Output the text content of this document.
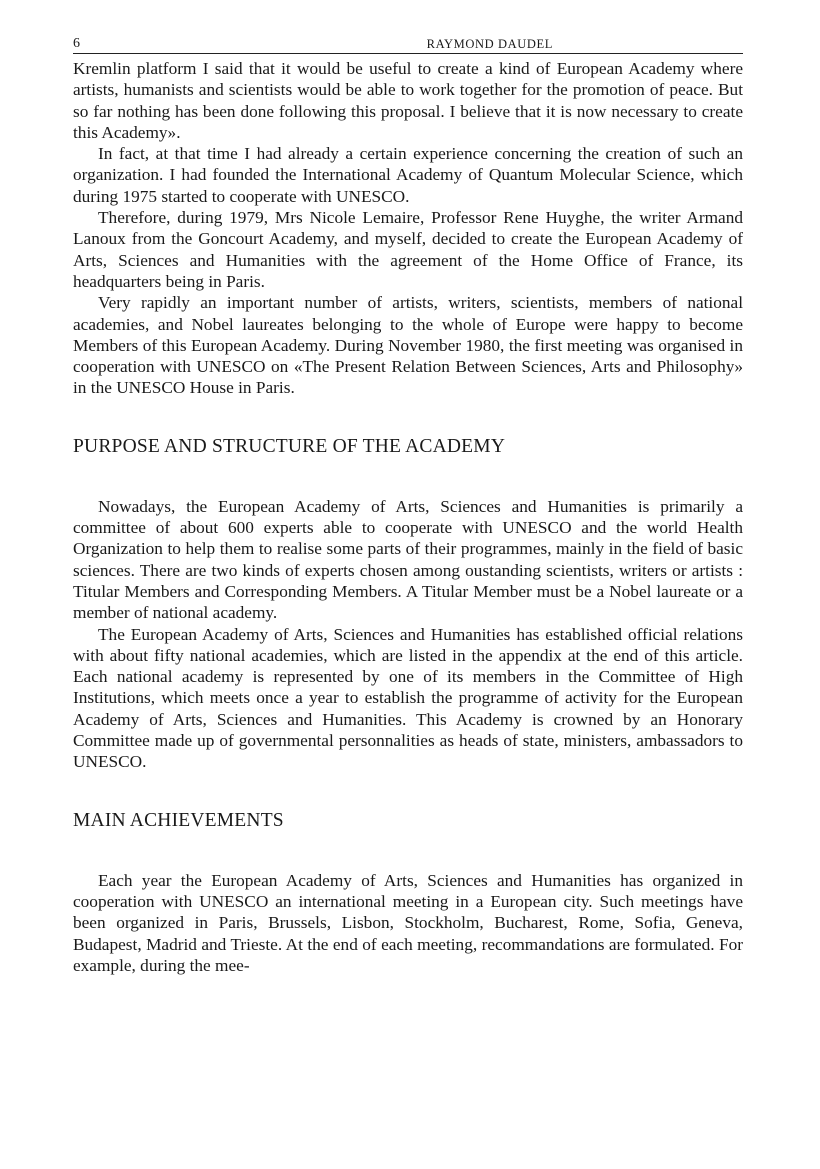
6	RAYMOND DAUDEL

Kremlin platform I said that it would be useful to create a kind of European Academy where artists, humanists and scientists would be able to work together for the promotion of peace. But so far nothing has been done following this proposal. I believe that it is now necessary to create this Academy».

In fact, at that time I had already a certain experience concerning the creation of such an organization. I had founded the International Academy of Quantum Molecular Science, which during 1975 started to cooperate with UNESCO.

Therefore, during 1979, Mrs Nicole Lemaire, Professor Rene Huyghe, the writer Armand Lanoux from the Goncourt Academy, and myself, decided to create the European Academy of Arts, Sciences and Humanities with the agreement of the Home Office of France, its headquarters being in Paris.

Very rapidly an important number of artists, writers, scientists, members of national academies, and Nobel laureates belonging to the whole of Europe were happy to become Members of this European Academy. During November 1980, the first meeting was organised in cooperation with UNESCO on «The Present Relation Between Sciences, Arts and Philosophy» in the UNESCO House in Paris.

PURPOSE AND STRUCTURE OF THE ACADEMY

Nowadays, the European Academy of Arts, Sciences and Humanities is primarily a committee of about 600 experts able to cooperate with UNESCO and the world Health Organization to help them to realise some parts of their programmes, mainly in the field of basic sciences. There are two kinds of experts chosen among oustanding scientists, writers or artists : Titular Members and Corresponding Members. A Titular Member must be a Nobel laureate or a member of national academy.

The European Academy of Arts, Sciences and Humanities has established official relations with about fifty national academies, which are listed in the appendix at the end of this article. Each national academy is represented by one of its members in the Committee of High Institutions, which meets once a year to establish the programme of activity for the European Academy of Arts, Sciences and Humanities. This Academy is crowned by an Honorary Committee made up of governmental personnalities as heads of state, ministers, ambassadors to UNESCO.

MAIN ACHIEVEMENTS

Each year the European Academy of Arts, Sciences and Humanities has organized in cooperation with UNESCO an international meeting in a European city. Such meetings have been organized in Paris, Brussels, Lisbon, Stockholm, Bucharest, Rome, Sofia, Geneva, Budapest, Madrid and Trieste. At the end of each meeting, recommandations are formulated. For example, during the mee-
